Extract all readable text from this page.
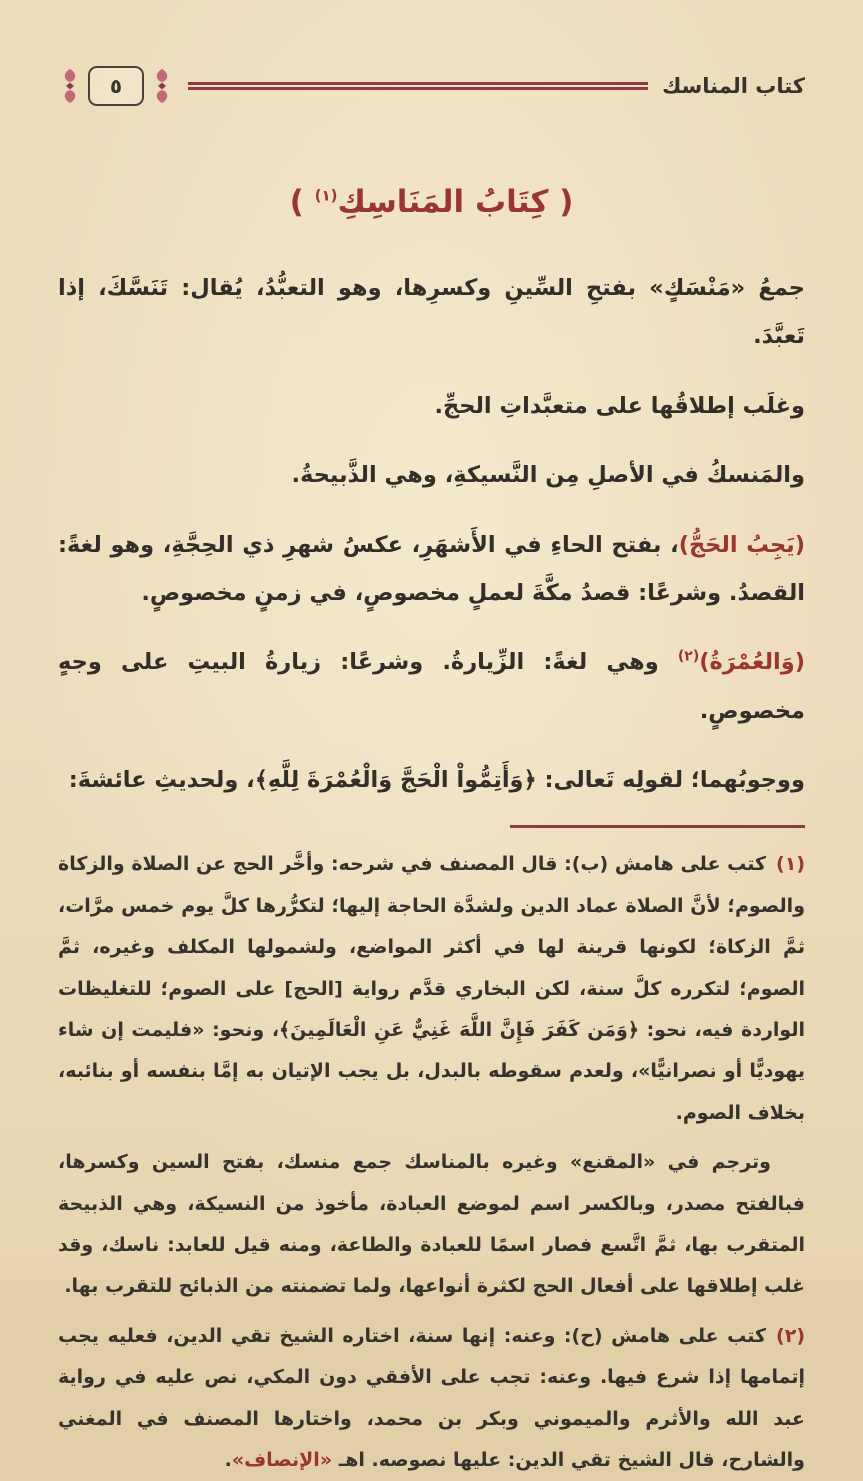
كتاب المناسك
٥
( كِتَابُ المَنَاسِكِ$^{(١)}$ )

جمعُ «مَنْسَكٍ» بفتحِ السِّينِ وكسرِها، وهو التعبُّدُ، يُقال: تَنَسَّكَ، إذا تَعبَّدَ.

وغلَب إطلاقُها على متعبَّداتِ الحجِّ.

والمَنسكُ في الأصلِ مِن النَّسيكةِ، وهي الذَّبيحةُ.

(يَجِبُ الحَجُّ)، بفتح الحاءِ في الأَشهَرِ، عكسُ شهرِ ذي الحِجَّةِ، وهو لغةً: القصدُ. وشرعًا: قصدُ مكَّةَ لعملٍ مخصوصٍ، في زمنٍ مخصوصٍ.

(وَالعُمْرَةُ)$^{(٢)}$ وهي لغةً: الزِّيارةُ. وشرعًا: زيارةُ البيتِ على وجهٍ مخصوصٍ.

ووجوبُهما؛ لقولِه تَعالى: ﴿وَأَتِمُّواْ الْحَجَّ وَالْعُمْرَةَ لِلَّهِ﴾، ولحديثِ عائشةَ:

(١)كتب على هامش (ب): قال المصنف في شرحه: وأخَّر الحج عن الصلاة والزكاة والصوم؛ لأنَّ الصلاة عماد الدين ولشدَّة الحاجة إليها؛ لتكرُّرها كلَّ يوم خمس مرَّات، ثمَّ الزكاة؛ لكونها قرينة لها في أكثر المواضع، ولشمولها المكلف وغيره، ثمَّ الصوم؛ لتكرره كلَّ سنة، لكن البخاري قدَّم رواية [الحج] على الصوم؛ للتغليظات الواردة فيه، نحو: ﴿وَمَن كَفَرَ فَإِنَّ اللَّهَ غَنِيٌّ عَنِ الْعَالَمِينَ﴾، ونحو: «فليمت إن شاء يهوديًّا أو نصرانيًّا»، ولعدم سقوطه بالبدل، بل يجب الإتيان به إمَّا بنفسه أو بنائبه، بخلاف الصوم.

وترجم في «المقنع» وغيره بالمناسك جمع منسك، بفتح السين وكسرها، فبالفتح مصدر، وبالكسر اسم لموضع العبادة، مأخوذ من النسيكة، وهي الذبيحة المتقرب بها، ثمَّ اتَّسع فصار اسمًا للعبادة والطاعة، ومنه قيل للعابد: ناسك، وقد غلب إطلاقها على أفعال الحج لكثرة أنواعها، ولما تضمنته من الذبائح للتقرب بها.

(٢)كتب على هامش (ح): وعنه: إنها سنة، اختاره الشيخ تقي الدين، فعليه يجب إتمامها إذا شرع فيها. وعنه: تجب على الأفقي دون المكي، نص عليه في رواية عبد الله والأثرم والميموني وبكر بن محمد، واختارها المصنف في المغني والشارح، قال الشيخ تقي الدين: عليها نصوصه. اهـ «الإنصاف».
